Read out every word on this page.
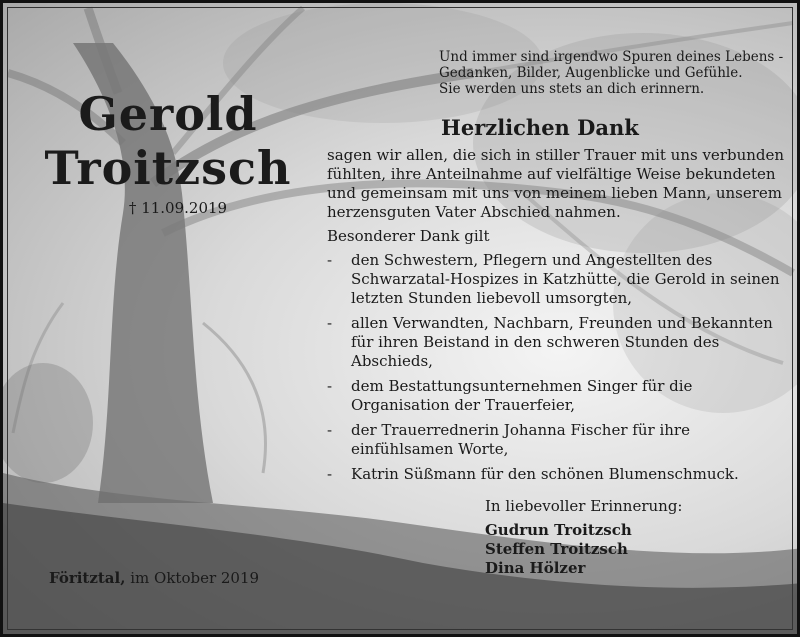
Gerold
Troitzsch
† 11.09.2019
Und immer sind irgendwo Spuren deines Lebens -
Gedanken, Bilder, Augenblicke und Gefühle.
Sie werden uns stets an dich erinnern.
Herzlichen Dank
sagen wir allen, die sich in stiller Trauer mit uns verbunden
fühlten, ihre Anteilnahme auf vielfältige Weise bekundeten
und gemeinsam mit uns von meinem lieben Mann, unserem
herzensguten Vater Abschied nahmen.
Besonderer Dank gilt
-	den Schwestern, Pflegern und Angestellten des
Schwarzatal-Hospizes in Katzhütte, die Gerold in seinen
letzten Stunden liebevoll umsorgten,
-	allen Verwandten, Nachbarn, Freunden und Bekannten
für ihren Beistand in den schweren Stunden des
Abschieds,
-	dem Bestattungsunternehmen Singer für die
Organisation der Trauerfeier,
-	der Trauerrednerin Johanna Fischer für ihre
einfühlsamen Worte,
-	Katrin Süßmann für den schönen Blumenschmuck.
In liebevoller Erinnerung:
Gudrun Troitzsch
Steffen Troitzsch
Dina Hölzer
Föritztal, im Oktober 2019
